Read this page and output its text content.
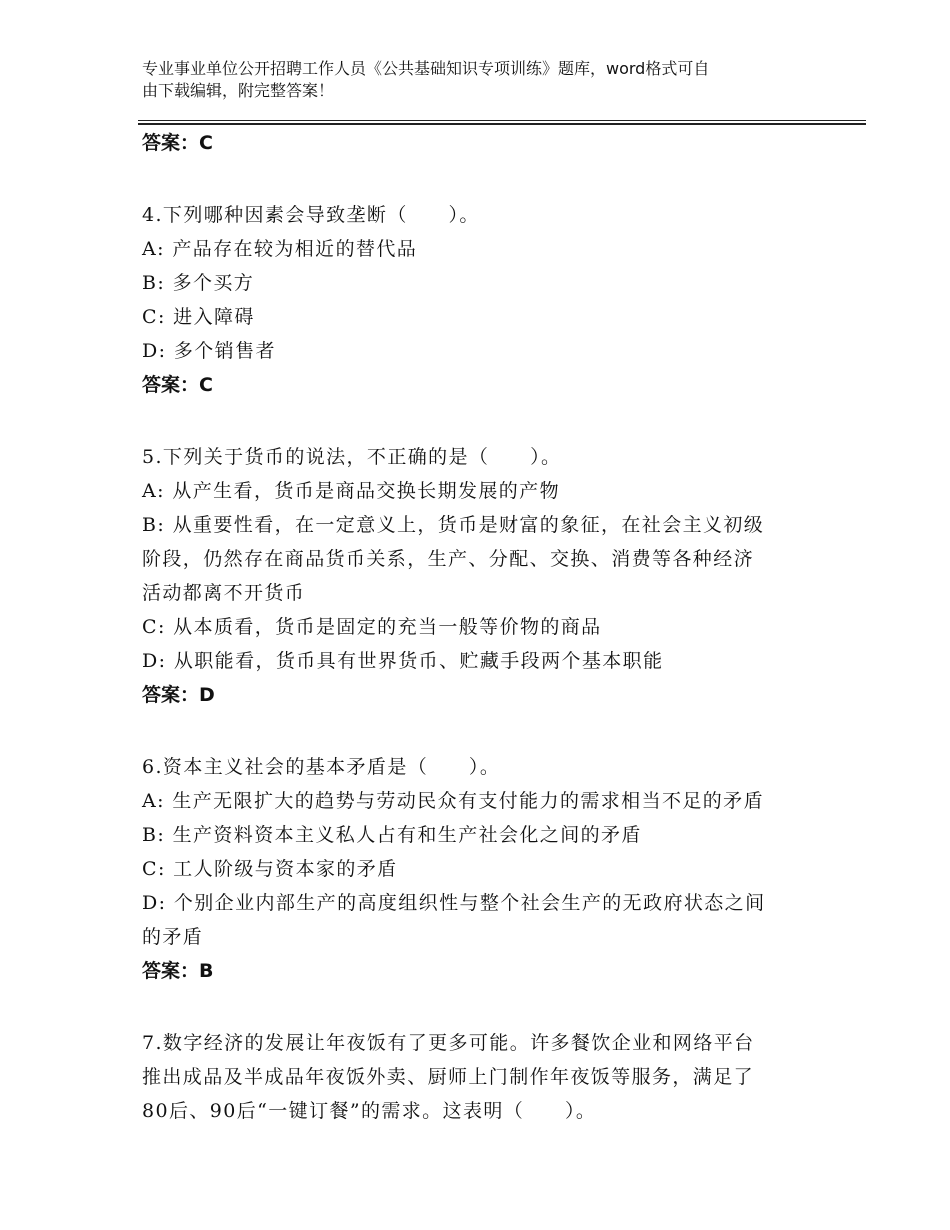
专业事业单位公开招聘工作人员《公共基础知识专项训练》题库，word格式可自
由下载编辑，附完整答案！
答案：C
4.下列哪种因素会导致垄断（　　）。
A: 产品存在较为相近的替代品
B: 多个买方
C: 进入障碍
D: 多个销售者
答案：C
5.下列关于货币的说法，不正确的是（　　）。
A: 从产生看，货币是商品交换长期发展的产物
B: 从重要性看，在一定意义上，货币是财富的象征，在社会主义初级
阶段，仍然存在商品货币关系，生产、分配、交换、消费等各种经济
活动都离不开货币
C: 从本质看，货币是固定的充当一般等价物的商品
D: 从职能看，货币具有世界货币、贮藏手段两个基本职能
答案：D
6.资本主义社会的基本矛盾是（　　）。
A: 生产无限扩大的趋势与劳动民众有支付能力的需求相当不足的矛盾
B: 生产资料资本主义私人占有和生产社会化之间的矛盾
C: 工人阶级与资本家的矛盾
D: 个别企业内部生产的高度组织性与整个社会生产的无政府状态之间
的矛盾
答案：B
7.数字经济的发展让年夜饭有了更多可能。许多餐饮企业和网络平台
推出成品及半成品年夜饭外卖、厨师上门制作年夜饭等服务，满足了
80后、90后“一键订餐”的需求。这表明（　　）。
